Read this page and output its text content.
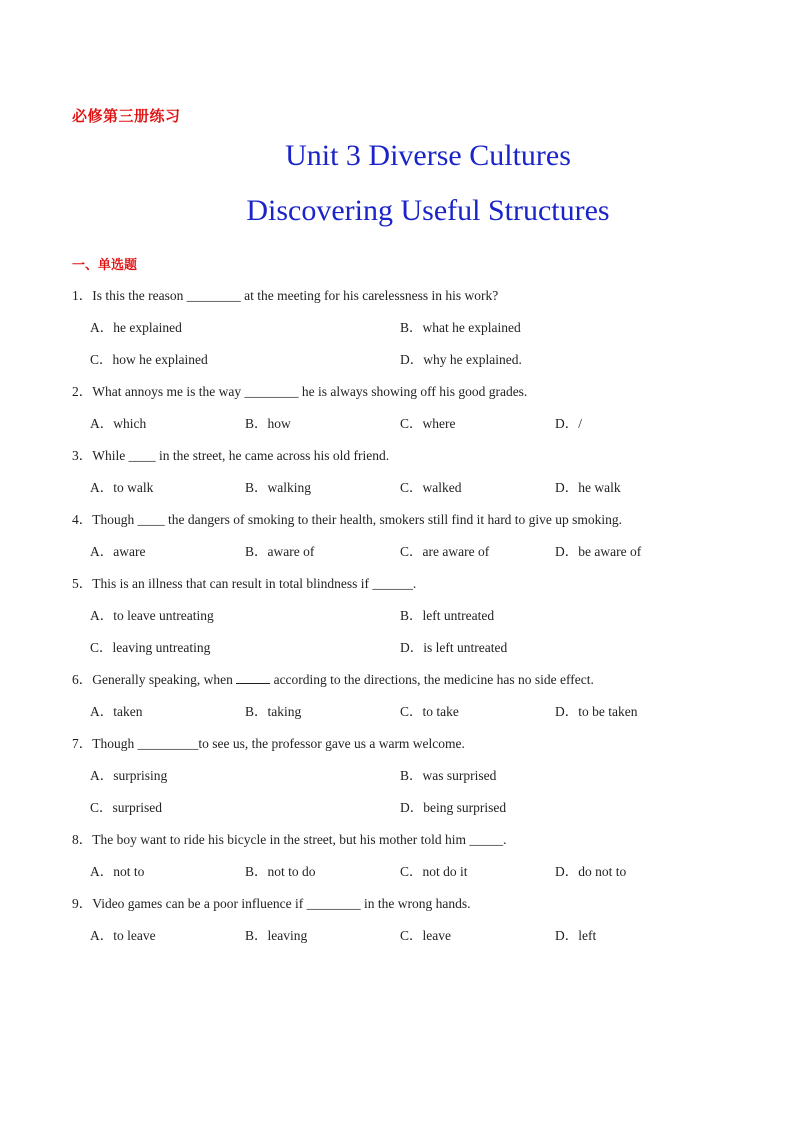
必修第三册练习
Unit 3 Diverse Cultures
Discovering Useful Structures
一、单选题
1．Is this the reason ________ at the meeting for his carelessness in his work?
A．he explained	B．what he explained
C．how he explained	D．why he explained.
2．What annoys me is the way ________ he is always showing off his good grades.
A．which	B．how	C．where	D．/
3．While ____ in the street, he came across his old friend.
A．to walk	B．walking	C．walked	D．he walk
4．Though ____ the dangers of smoking to their health, smokers still find it hard to give up smoking.
A．aware	B．aware of	C．are aware of	D．be aware of
5．This is an illness that can result in total blindness if ______.
A．to leave untreating	B．left untreated
C．leaving untreating	D．is left untreated
6．Generally speaking, when	according to the directions, the medicine has no side effect.
A．taken	B．taking	C．to take	D．to be taken
7．Though _________to see us, the professor gave us a warm welcome.
A．surprising	B．was surprised
C．surprised	D．being surprised
8．The boy want to ride his bicycle in the street, but his mother told him _____.
A．not to	B．not to do	C．not do it	D．do not to
9．Video games can be a poor influence if ________ in the wrong hands.
A．to leave	B．leaving	C．leave	D．left
